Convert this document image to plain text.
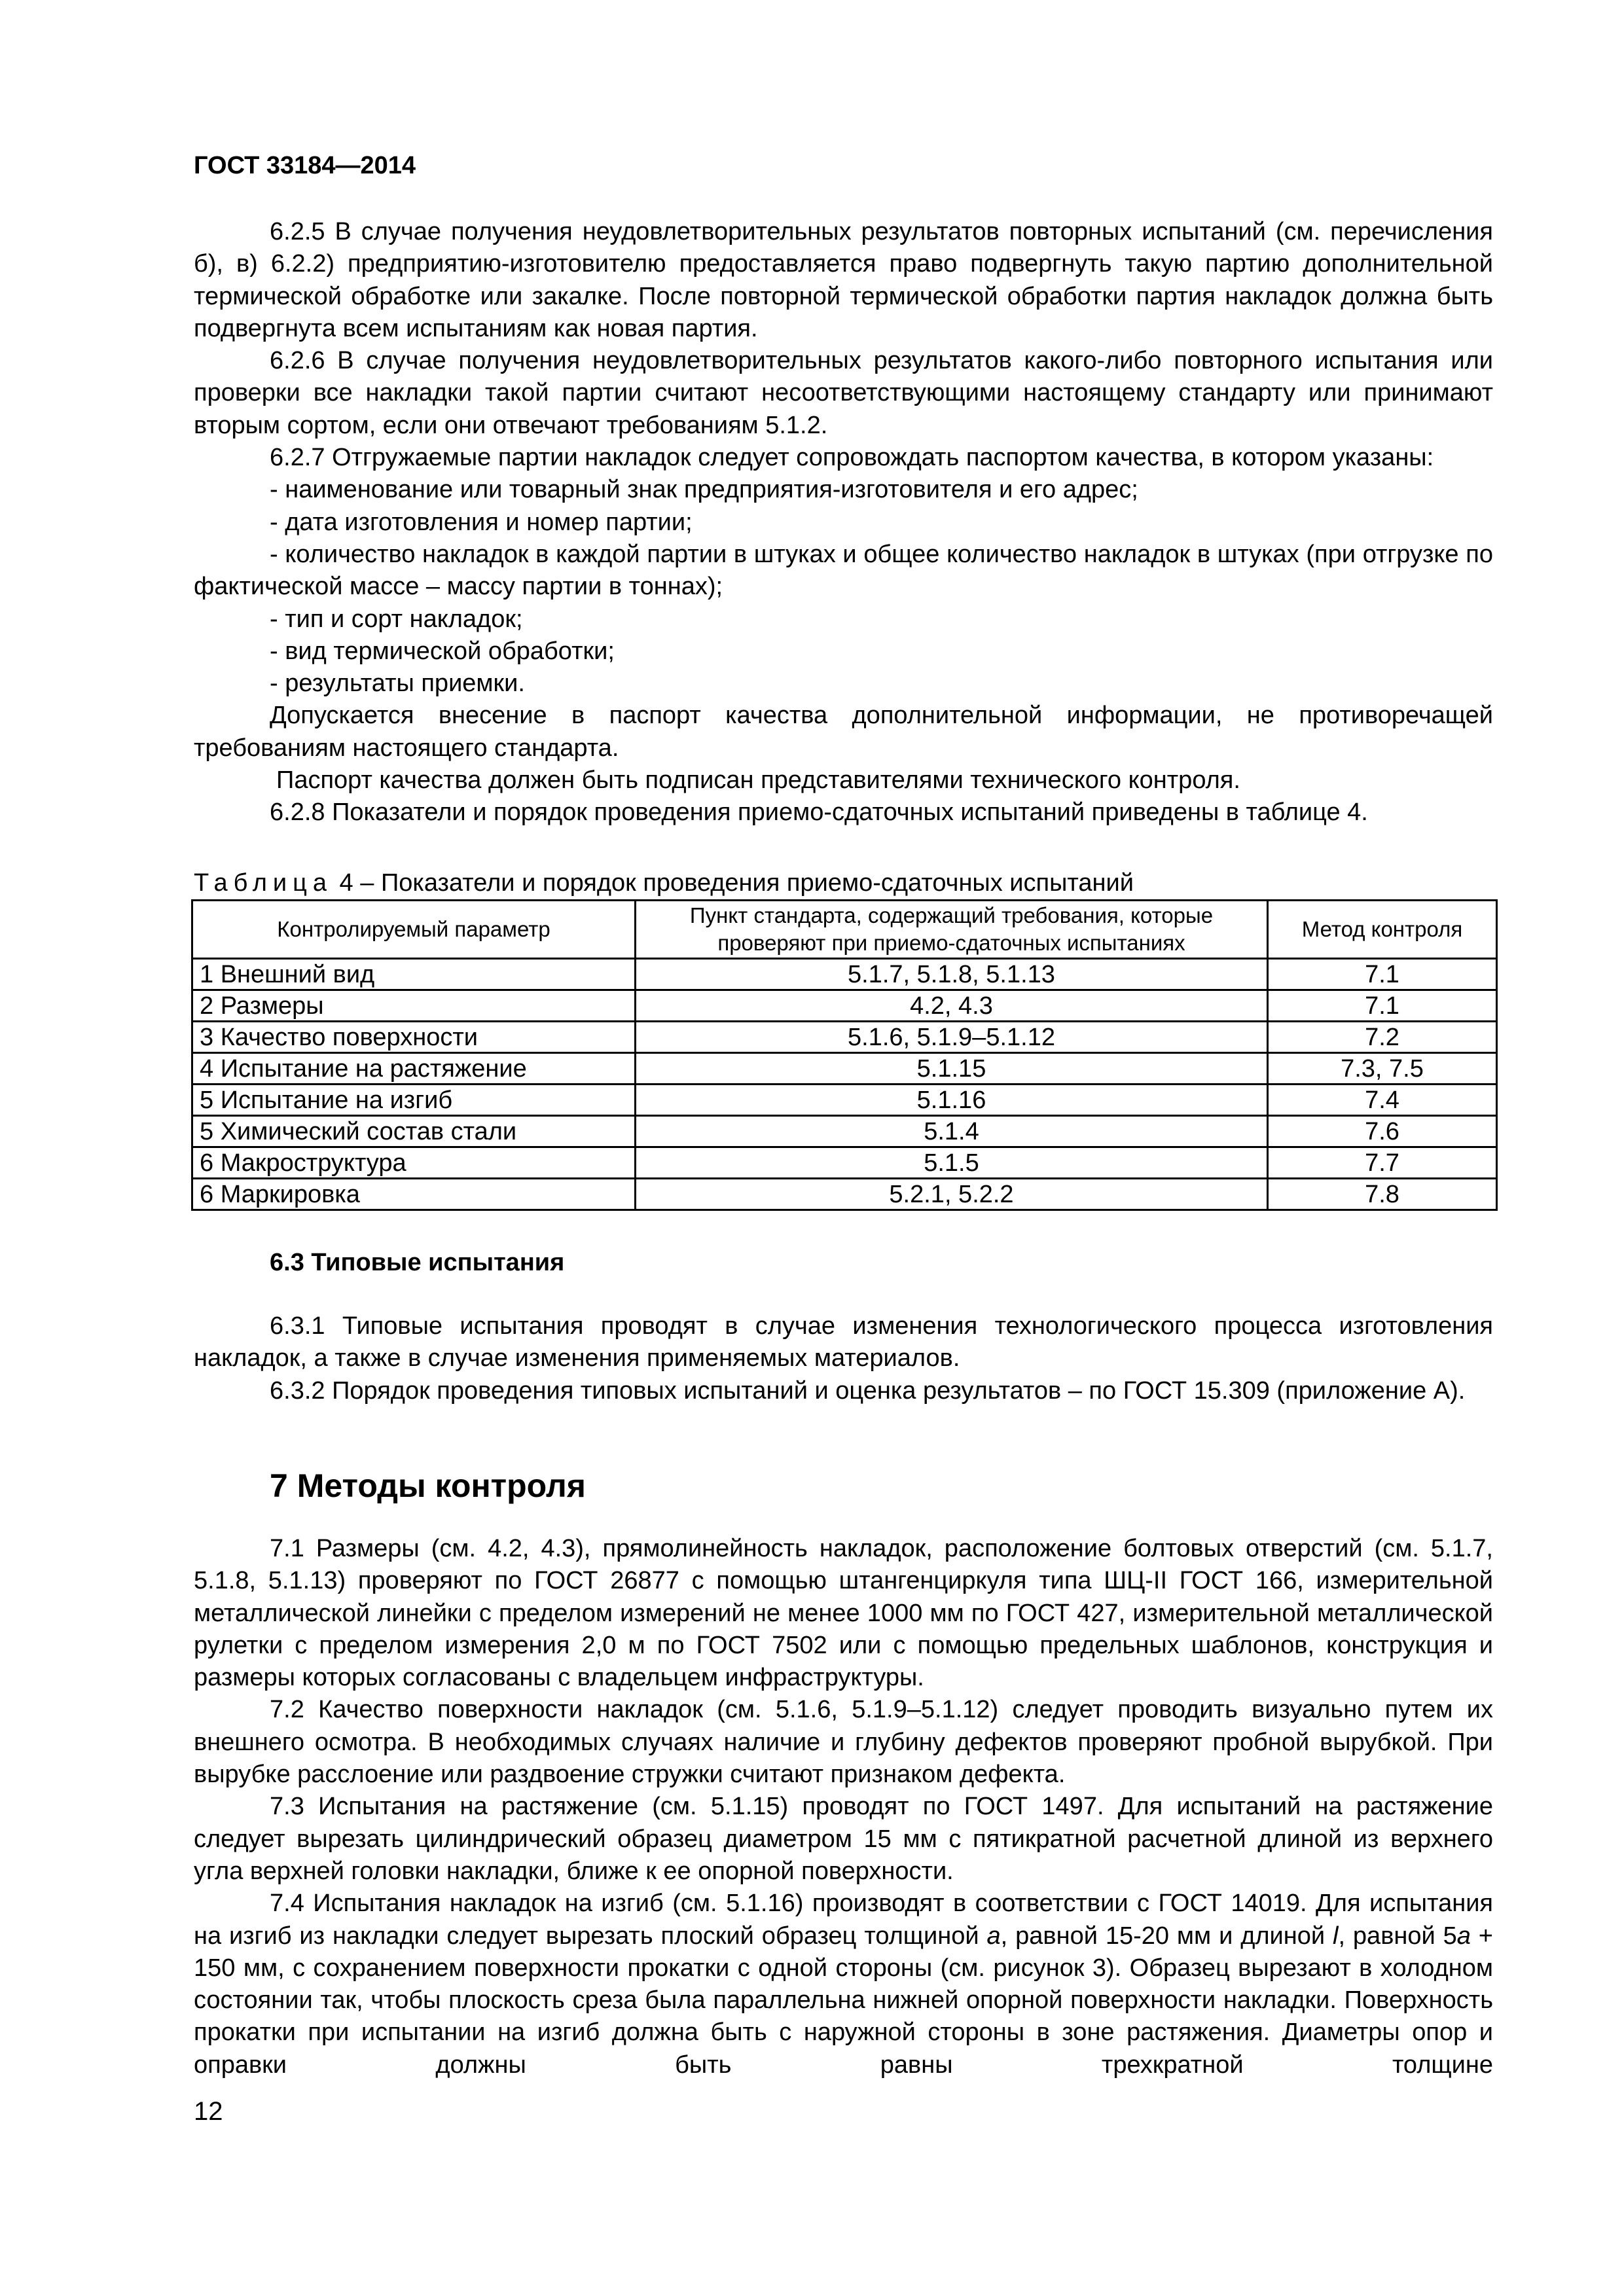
ГОСТ 33184—2014

6.2.5 В случае получения неудовлетворительных результатов повторных испытаний (см. перечисления б), в) 6.2.2) предприятию-изготовителю предоставляется право подвергнуть такую партию дополнительной термической обработке или закалке. После повторной термической обработки партия накладок должна быть подвергнута всем испытаниям как новая партия.

6.2.6 В случае получения неудовлетворительных результатов какого-либо повторного испытания или проверки все накладки такой партии считают несоответствующими настоящему стандарту или принимают вторым сортом, если они отвечают требованиям 5.1.2.

6.2.7 Отгружаемые партии накладок следует сопровождать паспортом качества, в котором указаны:

- наименование или товарный знак предприятия-изготовителя и его адрес;

- дата изготовления и номер партии;

- количество накладок в каждой партии в штуках и общее количество накладок в штуках (при отгрузке по фактической массе – массу партии в тоннах);

- тип и сорт накладок;

- вид термической обработки;

- результаты приемки.

Допускается внесение в паспорт качества дополнительной информации, не противоречащей требованиям настоящего стандарта.

Паспорт качества должен быть подписан представителями технического контроля.

6.2.8 Показатели и порядок проведения приемо-сдаточных испытаний приведены в таблице 4.

Таблица 4 – Показатели и порядок проведения приемо-сдаточных испытаний
Контролируемый параметр	Пункт стандарта, содержащий требования, которые проверяют при приемо-сдаточных испытаниях	Метод контроля
1 Внешний вид	5.1.7, 5.1.8, 5.1.13	7.1
2 Размеры	4.2, 4.3	7.1
3 Качество поверхности	5.1.6, 5.1.9–5.1.12	7.2
4 Испытание на растяжение	5.1.15	7.3, 7.5
5 Испытание на изгиб	5.1.16	7.4
5 Химический состав стали	5.1.4	7.6
6 Макроструктура	5.1.5	7.7
6 Маркировка	5.2.1, 5.2.2	7.8
6.3 Типовые испытания

6.3.1 Типовые испытания проводят в случае изменения технологического процесса изготовления накладок, а также в случае изменения применяемых материалов.

6.3.2 Порядок проведения типовых испытаний и оценка результатов – по ГОСТ 15.309 (приложение А).

7 Методы контроля

7.1 Размеры (см. 4.2, 4.3), прямолинейность накладок, расположение болтовых отверстий (см. 5.1.7, 5.1.8, 5.1.13) проверяют по ГОСТ 26877 с помощью штангенциркуля типа ШЦ-II ГОСТ 166, измерительной металлической линейки с пределом измерений не менее 1000 мм по ГОСТ 427, измерительной металлической рулетки с пределом измерения 2,0 м по ГОСТ 7502 или с помощью предельных шаблонов, конструкция и размеры которых согласованы с владельцем инфраструктуры.

7.2 Качество поверхности накладок (см. 5.1.6, 5.1.9–5.1.12) следует проводить визуально путем их внешнего осмотра. В необходимых случаях наличие и глубину дефектов проверяют пробной вырубкой. При вырубке расслоение или раздвоение стружки считают признаком дефекта.

7.3 Испытания на растяжение (см. 5.1.15) проводят по ГОСТ 1497. Для испытаний на растяжение следует вырезать цилиндрический образец диаметром 15 мм с пятикратной расчетной длиной из верхнего угла верхней головки накладки, ближе к ее опорной поверхности.

7.4 Испытания накладок на изгиб (см. 5.1.16) производят в соответствии с ГОСТ 14019. Для испытания на изгиб из накладки следует вырезать плоский образец толщиной a, равной 15-20 мм и длиной l, равной 5a + 150 мм, с сохранением поверхности прокатки с одной стороны (см. рисунок 3). Образец вырезают в холодном состоянии так, чтобы плоскость среза была параллельна нижней опорной поверхности накладки. Поверхность прокатки при испытании на изгиб должна быть с наружной стороны в зоне растяжения. Диаметры опор и оправки должны быть равны трехкратной толщине

12
